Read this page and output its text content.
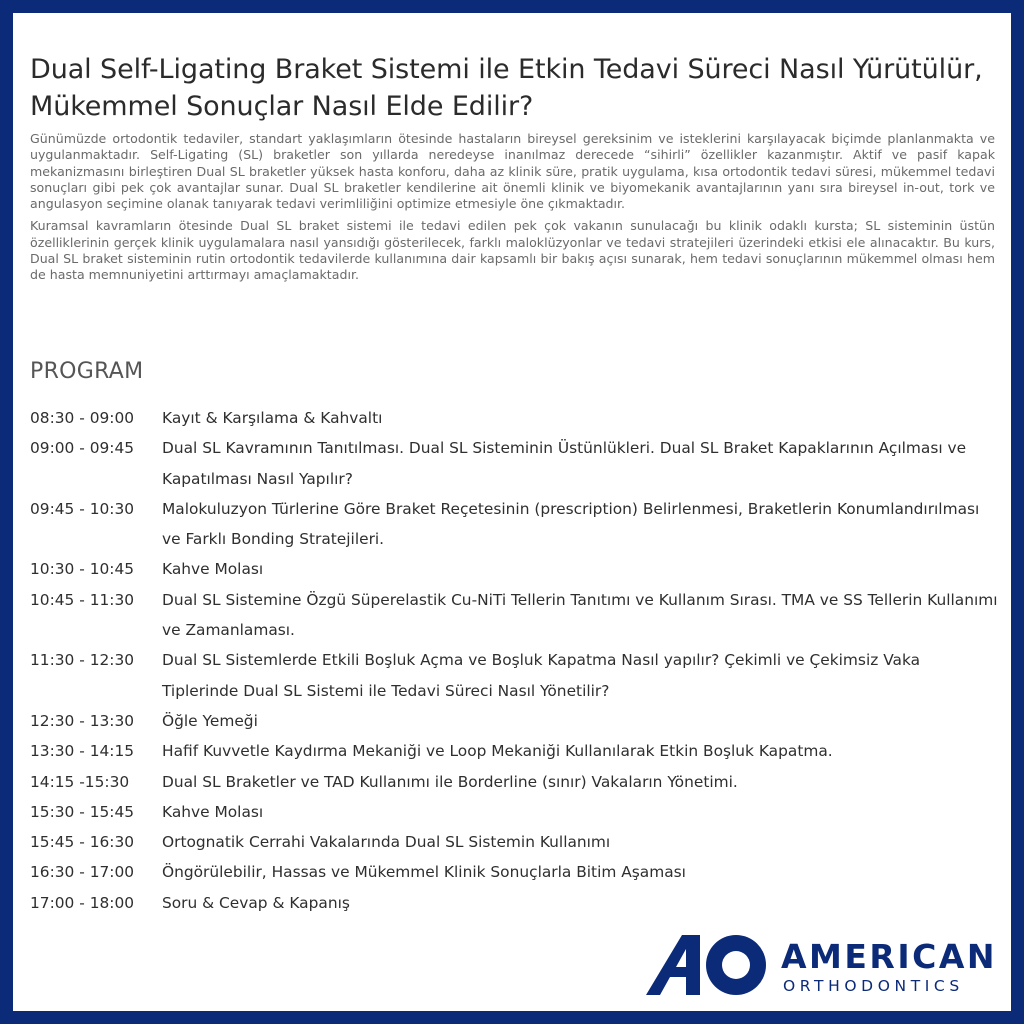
Dual Self-Ligating Braket Sistemi ile Etkin Tedavi Süreci Nasıl Yürütülür, Mükemmel Sonuçlar Nasıl Elde Edilir?

Günümüzde ortodontik tedaviler, standart yaklaşımların ötesinde hastaların bireysel gereksinim ve isteklerini karşılayacak biçimde planlanmakta ve uygulanmaktadır. Self-Ligating (SL) braketler son yıllarda neredeyse inanılmaz derecede “sihirli” özellikler kazanmıştır. Aktif ve pasif kapak mekanizmasını birleştiren Dual SL braketler yüksek hasta konforu, daha az klinik süre, pratik uygulama, kısa ortodontik tedavi süresi, mükemmel tedavi sonuçları gibi pek çok avantajlar sunar. Dual SL braketler kendilerine ait önemli klinik ve biyomekanik avantajlarının yanı sıra bireysel in-out, tork ve angulasyon seçimine olanak tanıyarak tedavi verimliliğini optimize etmesiyle öne çıkmaktadır.

Kuramsal kavramların ötesinde Dual SL braket sistemi ile tedavi edilen pek çok vakanın sunulacağı bu klinik odaklı kursta; SL sisteminin üstün özelliklerinin gerçek klinik uygulamalara nasıl yansıdığı gösterilecek, farklı maloklüzyonlar ve tedavi stratejileri üzerindeki etkisi ele alınacaktır. Bu kurs, Dual SL braket sisteminin rutin ortodontik tedavilerde kullanımına dair kapsamlı bir bakış açısı sunarak, hem tedavi sonuçlarının mükemmel olması hem de hasta memnuniyetini arttırmayı amaçlamaktadır.

PROGRAM
08:30 - 09:00	Kayıt & Karşılama & Kahvaltı
09:00 - 09:45	Dual SL Kavramının Tanıtılması. Dual SL Sisteminin Üstünlükleri. Dual SL Braket Kapaklarının Açılması ve Kapatılması Nasıl Yapılır?
09:45 - 10:30	Malokuluzyon Türlerine Göre Braket Reçetesinin (prescription) Belirlenmesi, Braketlerin Konumlandırılması ve Farklı Bonding Stratejileri.
10:30 - 10:45	Kahve Molası
10:45 - 11:30	Dual SL Sistemine Özgü Süperelastik Cu-NiTi Tellerin Tanıtımı ve Kullanım Sırası. TMA ve SS Tellerin Kullanımı ve Zamanlaması.
11:30 - 12:30	Dual SL Sistemlerde Etkili Boşluk Açma ve Boşluk Kapatma Nasıl yapılır? Çekimli ve Çekimsiz Vaka Tiplerinde Dual SL Sistemi ile Tedavi Süreci Nasıl Yönetilir?
12:30 - 13:30	Öğle Yemeği
13:30 - 14:15	Hafif Kuvvetle Kaydırma Mekaniği ve Loop Mekaniği Kullanılarak Etkin Boşluk Kapatma.
14:15 -15:30	Dual SL Braketler ve TAD Kullanımı ile Borderline (sınır) Vakaların Yönetimi.
15:30 - 15:45	Kahve Molası
15:45 - 16:30	Ortognatik Cerrahi Vakalarında Dual SL Sistemin Kullanımı
16:30 - 17:00	Öngörülebilir, Hassas ve Mükemmel Klinik Sonuçlarla Bitim Aşaması
17:00 - 18:00	Soru & Cevap & Kapanış
AMERICAN
ORTHODONTICS
